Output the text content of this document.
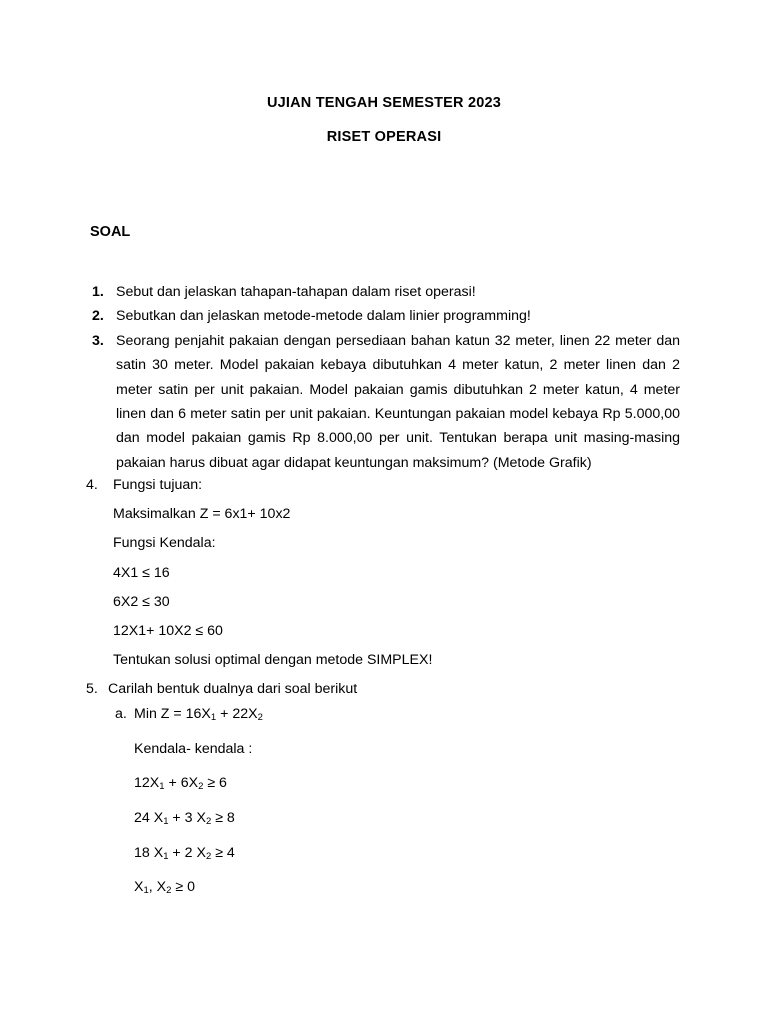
UJIAN TENGAH SEMESTER 2023
RISET OPERASI
SOAL
1. Sebut dan jelaskan tahapan-tahapan dalam riset operasi!
2. Sebutkan dan jelaskan metode-metode dalam linier programming!
3. Seorang penjahit pakaian dengan persediaan bahan katun 32 meter, linen 22 meter dan satin 30 meter. Model pakaian kebaya dibutuhkan 4 meter katun, 2 meter linen dan 2 meter satin per unit pakaian. Model pakaian gamis dibutuhkan 2 meter katun, 4 meter linen dan 6 meter satin per unit pakaian. Keuntungan pakaian model kebaya Rp 5.000,00 dan model pakaian gamis Rp 8.000,00 per unit. Tentukan berapa unit masing-masing pakaian harus dibuat agar didapat keuntungan maksimum? (Metode Grafik)
4. Fungsi tujuan:
Maksimalkan Z = 6x1+ 10x2
Fungsi Kendala:
4X1 ≤ 16
6X2 ≤ 30
12X1+ 10X2 ≤ 60
Tentukan solusi optimal dengan metode SIMPLEX!
5. Carilah bentuk dualnya dari soal berikut
a. Min $Z = 16X_1 + 22X_2$
Kendala- kendala :
$12X_1 + 6X_2 \ge 6$
24 $X_1 + 3$ $X_2 \ge 8$
18 $X_1 + 2$ $X_2 \ge 4$
$X_1$, $X_2 \ge 0$
